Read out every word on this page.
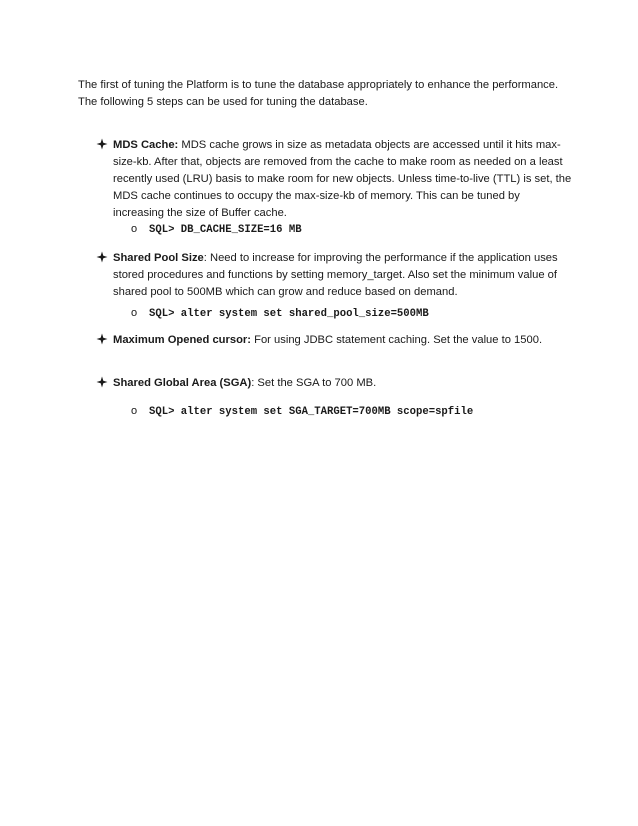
The first of tuning the Platform is to tune the database appropriately to enhance the performance. The following 5 steps can be used for tuning the database.

MDS Cache: MDS cache grows in size as metadata objects are accessed until it hits max-size-kb. After that, objects are removed from the cache to make room as needed on a least recently used (LRU) basis to make room for new objects. Unless time-to-live (TTL) is set, the MDS cache continues to occupy the max-size-kb of memory. This can be tuned by increasing the size of Buffer cache.
o SQL> DB_CACHE_SIZE=16 MB
Shared Pool Size: Need to increase for improving the performance if the application uses stored procedures and functions by setting memory_target. Also set the minimum value of shared pool to 500MB which can grow and reduce based on demand.
o SQL> alter system set shared_pool_size=500MB
Maximum Opened cursor: For using JDBC statement caching. Set the value to 1500.
Shared Global Area (SGA): Set the SGA to 700 MB.
o SQL> alter system set SGA_TARGET=700MB scope=spfile
